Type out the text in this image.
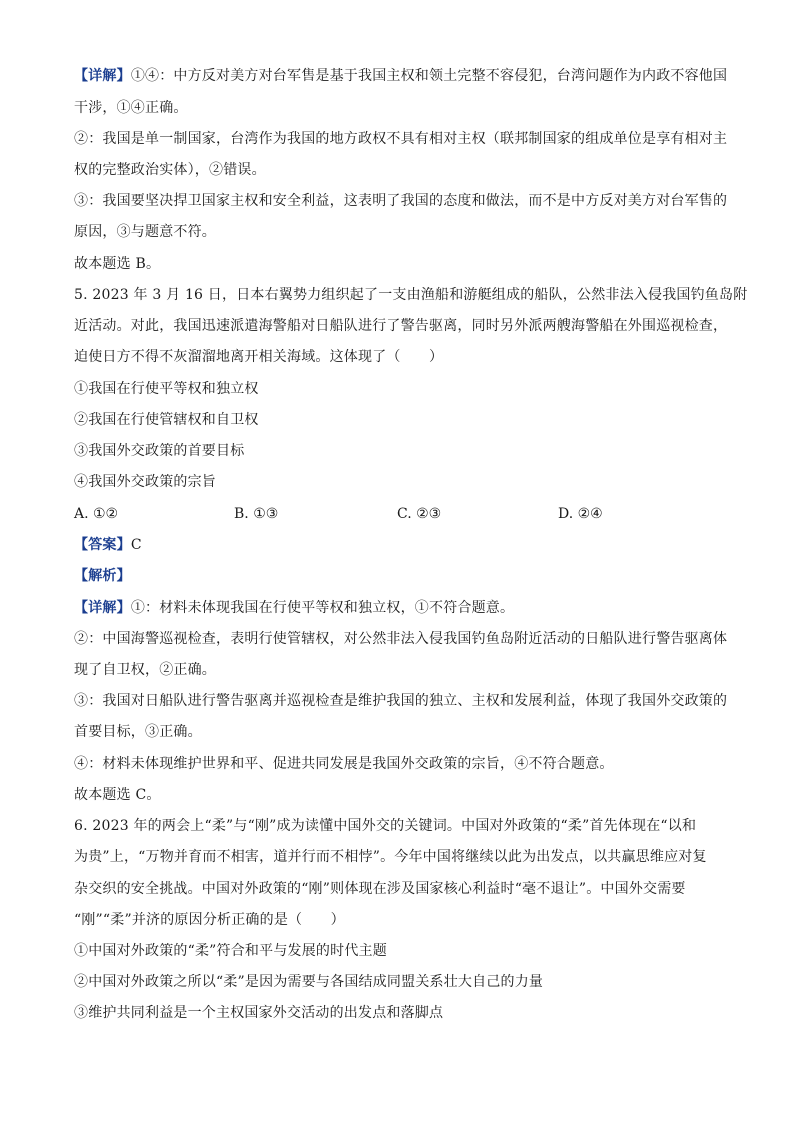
【详解】①④：中方反对美方对台军售是基于我国主权和领土完整不容侵犯，台湾问题作为内政不容他国
干涉，①④正确。
②：我国是单一制国家，台湾作为我国的地方政权不具有相对主权（联邦制国家的组成单位是享有相对主
权的完整政治实体），②错误。
③：我国要坚决捍卫国家主权和安全利益，这表明了我国的态度和做法，而不是中方反对美方对台军售的
原因，③与题意不符。
故本题选 B。
5. 2023 年 3 月 16 日，日本右翼势力组织起了一支由渔船和游艇组成的船队，公然非法入侵我国钓鱼岛附
近活动。对此，我国迅速派遣海警船对日船队进行了警告驱离，同时另外派两艘海警船在外围巡视检查，
迫使日方不得不灰溜溜地离开相关海域。这体现了（　　）
①我国在行使平等权和独立权
②我国在行使管辖权和自卫权
③我国外交政策的首要目标
④我国外交政策的宗旨
A. ①②	B. ①③	C. ②③	D. ②④
【答案】C
【解析】
【详解】①：材料未体现我国在行使平等权和独立权，①不符合题意。
②：中国海警巡视检查，表明行使管辖权，对公然非法入侵我国钓鱼岛附近活动的日船队进行警告驱离体
现了自卫权，②正确。
③：我国对日船队进行警告驱离并巡视检查是维护我国的独立、主权和发展利益，体现了我国外交政策的
首要目标，③正确。
④：材料未体现维护世界和平、促进共同发展是我国外交政策的宗旨，④不符合题意。
故本题选 C。
6. 2023 年的两会上“柔”与“刚”成为读懂中国外交的关键词。中国对外政策的“柔”首先体现在“以和
为贵”上，“万物并育而不相害，道并行而不相悖”。今年中国将继续以此为出发点，以共赢思维应对复
杂交织的安全挑战。中国对外政策的“刚”则体现在涉及国家核心利益时“毫不退让”。中国外交需要
“刚”“柔”并济的原因分析正确的是（　　）
①中国对外政策的“柔”符合和平与发展的时代主题
②中国对外政策之所以“柔”是因为需要与各国结成同盟关系壮大自己的力量
③维护共同利益是一个主权国家外交活动的出发点和落脚点
